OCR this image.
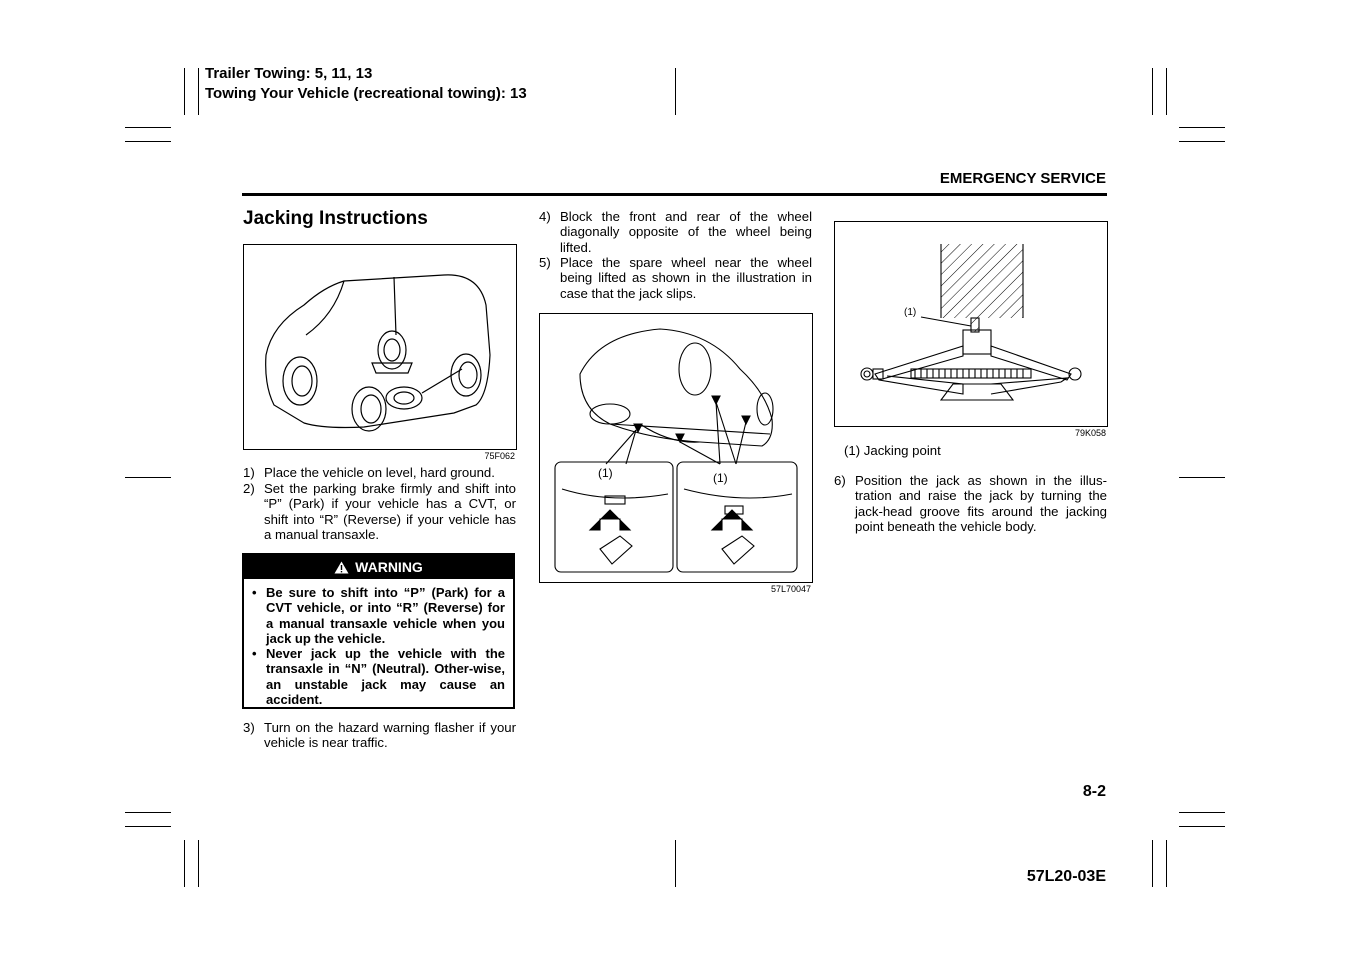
Trailer Towing: 5, 11, 13
Towing Your Vehicle (recreational towing): 13
EMERGENCY SERVICE
Jacking Instructions
75F062
1) Place the vehicle on level, hard ground.
2) Set the parking brake firmly and shift into “P” (Park) if your vehicle has a CVT, or shift into “R” (Reverse) if your vehicle has a manual transaxle.
WARNING
• Be sure to shift into “P” (Park) for a CVT vehicle, or into “R” (Reverse) for a manual transaxle vehicle when you jack up the vehicle.
• Never jack up the vehicle with the transaxle in “N” (Neutral). Other-wise, an unstable jack may cause an accident.
3) Turn on the hazard warning flasher if your vehicle is near traffic.
4) Block the front and rear of the wheel diagonally opposite of the wheel being lifted.
5) Place the spare wheel near the wheel being lifted as shown in the illustration in case that the jack slips.
(1)	(1)
57L70047
(1)
79K058
(1) Jacking point
6) Position the jack as shown in the illus-tration and raise the jack by turning the jack-head groove fits around the jacking point beneath the vehicle body.
8-2
57L20-03E
